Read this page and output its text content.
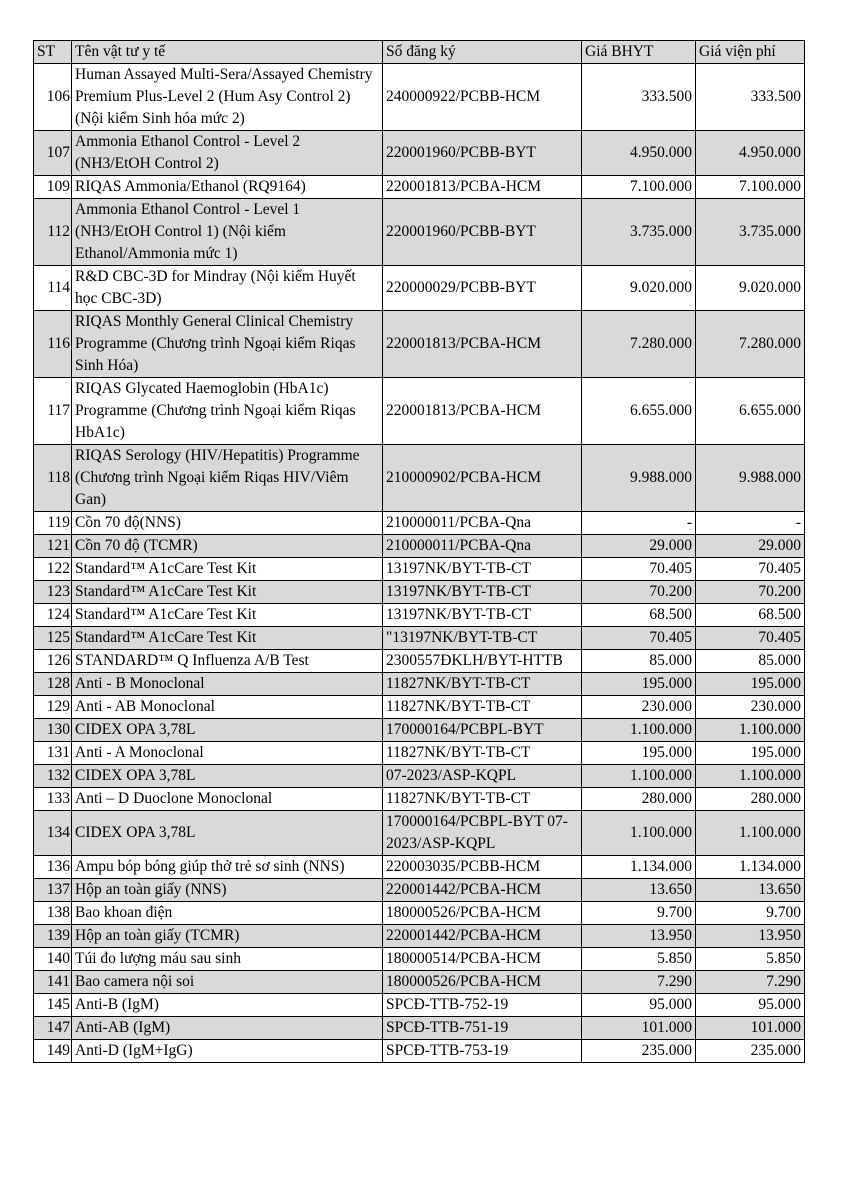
ST	Tên vật tư y tế	Số đăng ký	Giá BHYT	Giá viện phí
106	Human Assayed Multi-Sera/Assayed Chemistry Premium Plus-Level 2 (Hum Asy Control 2) (Nội kiểm Sinh hóa mức 2)	240000922/PCBB-HCM	333.500	333.500
107	Ammonia Ethanol Control - Level 2 (NH3/EtOH Control 2)	220001960/PCBB-BYT	4.950.000	4.950.000
109	RIQAS Ammonia/Ethanol (RQ9164)	220001813/PCBA-HCM	7.100.000	7.100.000
112	Ammonia Ethanol Control - Level 1 (NH3/EtOH Control 1) (Nội kiểm Ethanol/Ammonia mức 1)	220001960/PCBB-BYT	3.735.000	3.735.000
114	R&D CBC-3D for Mindray (Nội kiểm Huyết học CBC-3D)	220000029/PCBB-BYT	9.020.000	9.020.000
116	RIQAS Monthly General Clinical Chemistry Programme (Chương trình Ngoại kiểm Riqas Sinh Hóa)	220001813/PCBA-HCM	7.280.000	7.280.000
117	RIQAS Glycated Haemoglobin (HbA1c) Programme (Chương trình Ngoại kiểm Riqas HbA1c)	220001813/PCBA-HCM	6.655.000	6.655.000
118	RIQAS Serology (HIV/Hepatitis) Programme (Chương trình Ngoại kiểm Riqas HIV/Viêm Gan)	210000902/PCBA-HCM	9.988.000	9.988.000
119	Cồn 70 độ(NNS)	210000011/PCBA-Qna	-	-
121	Cồn 70 độ (TCMR)	210000011/PCBA-Qna	29.000	29.000
122	Standard™ A1cCare Test Kit	13197NK/BYT-TB-CT	70.405	70.405
123	Standard™ A1cCare Test Kit	13197NK/BYT-TB-CT	70.200	70.200
124	Standard™ A1cCare Test Kit	13197NK/BYT-TB-CT	68.500	68.500
125	Standard™ A1cCare Test Kit	"13197NK/BYT-TB-CT	70.405	70.405
126	STANDARD™ Q Influenza A/B Test	2300557ĐKLH/BYT-HTTB	85.000	85.000
128	Anti - B Monoclonal	11827NK/BYT-TB-CT	195.000	195.000
129	Anti - AB Monoclonal	11827NK/BYT-TB-CT	230.000	230.000
130	CIDEX OPA 3,78L	170000164/PCBPL-BYT	1.100.000	1.100.000
131	Anti - A Monoclonal	11827NK/BYT-TB-CT	195.000	195.000
132	CIDEX OPA 3,78L	07-2023/ASP-KQPL	1.100.000	1.100.000
133	Anti – D Duoclone Monoclonal	11827NK/BYT-TB-CT	280.000	280.000
134	CIDEX OPA 3,78L	170000164/PCBPL-BYT 07-2023/ASP-KQPL	1.100.000	1.100.000
136	Ampu bóp bóng giúp thở trẻ sơ sinh (NNS)	220003035/PCBB-HCM	1.134.000	1.134.000
137	Hộp an toàn giấy (NNS)	220001442/PCBA-HCM	13.650	13.650
138	Bao khoan điện	180000526/PCBA-HCM	9.700	9.700
139	Hộp an toàn giấy (TCMR)	220001442/PCBA-HCM	13.950	13.950
140	Túi đo lượng máu sau sinh	180000514/PCBA-HCM	5.850	5.850
141	Bao camera nội soi	180000526/PCBA-HCM	7.290	7.290
145	Anti-B (IgM)	SPCĐ-TTB-752-19	95.000	95.000
147	Anti-AB (IgM)	SPCĐ-TTB-751-19	101.000	101.000
149	Anti-D (IgM+IgG)	SPCĐ-TTB-753-19	235.000	235.000
